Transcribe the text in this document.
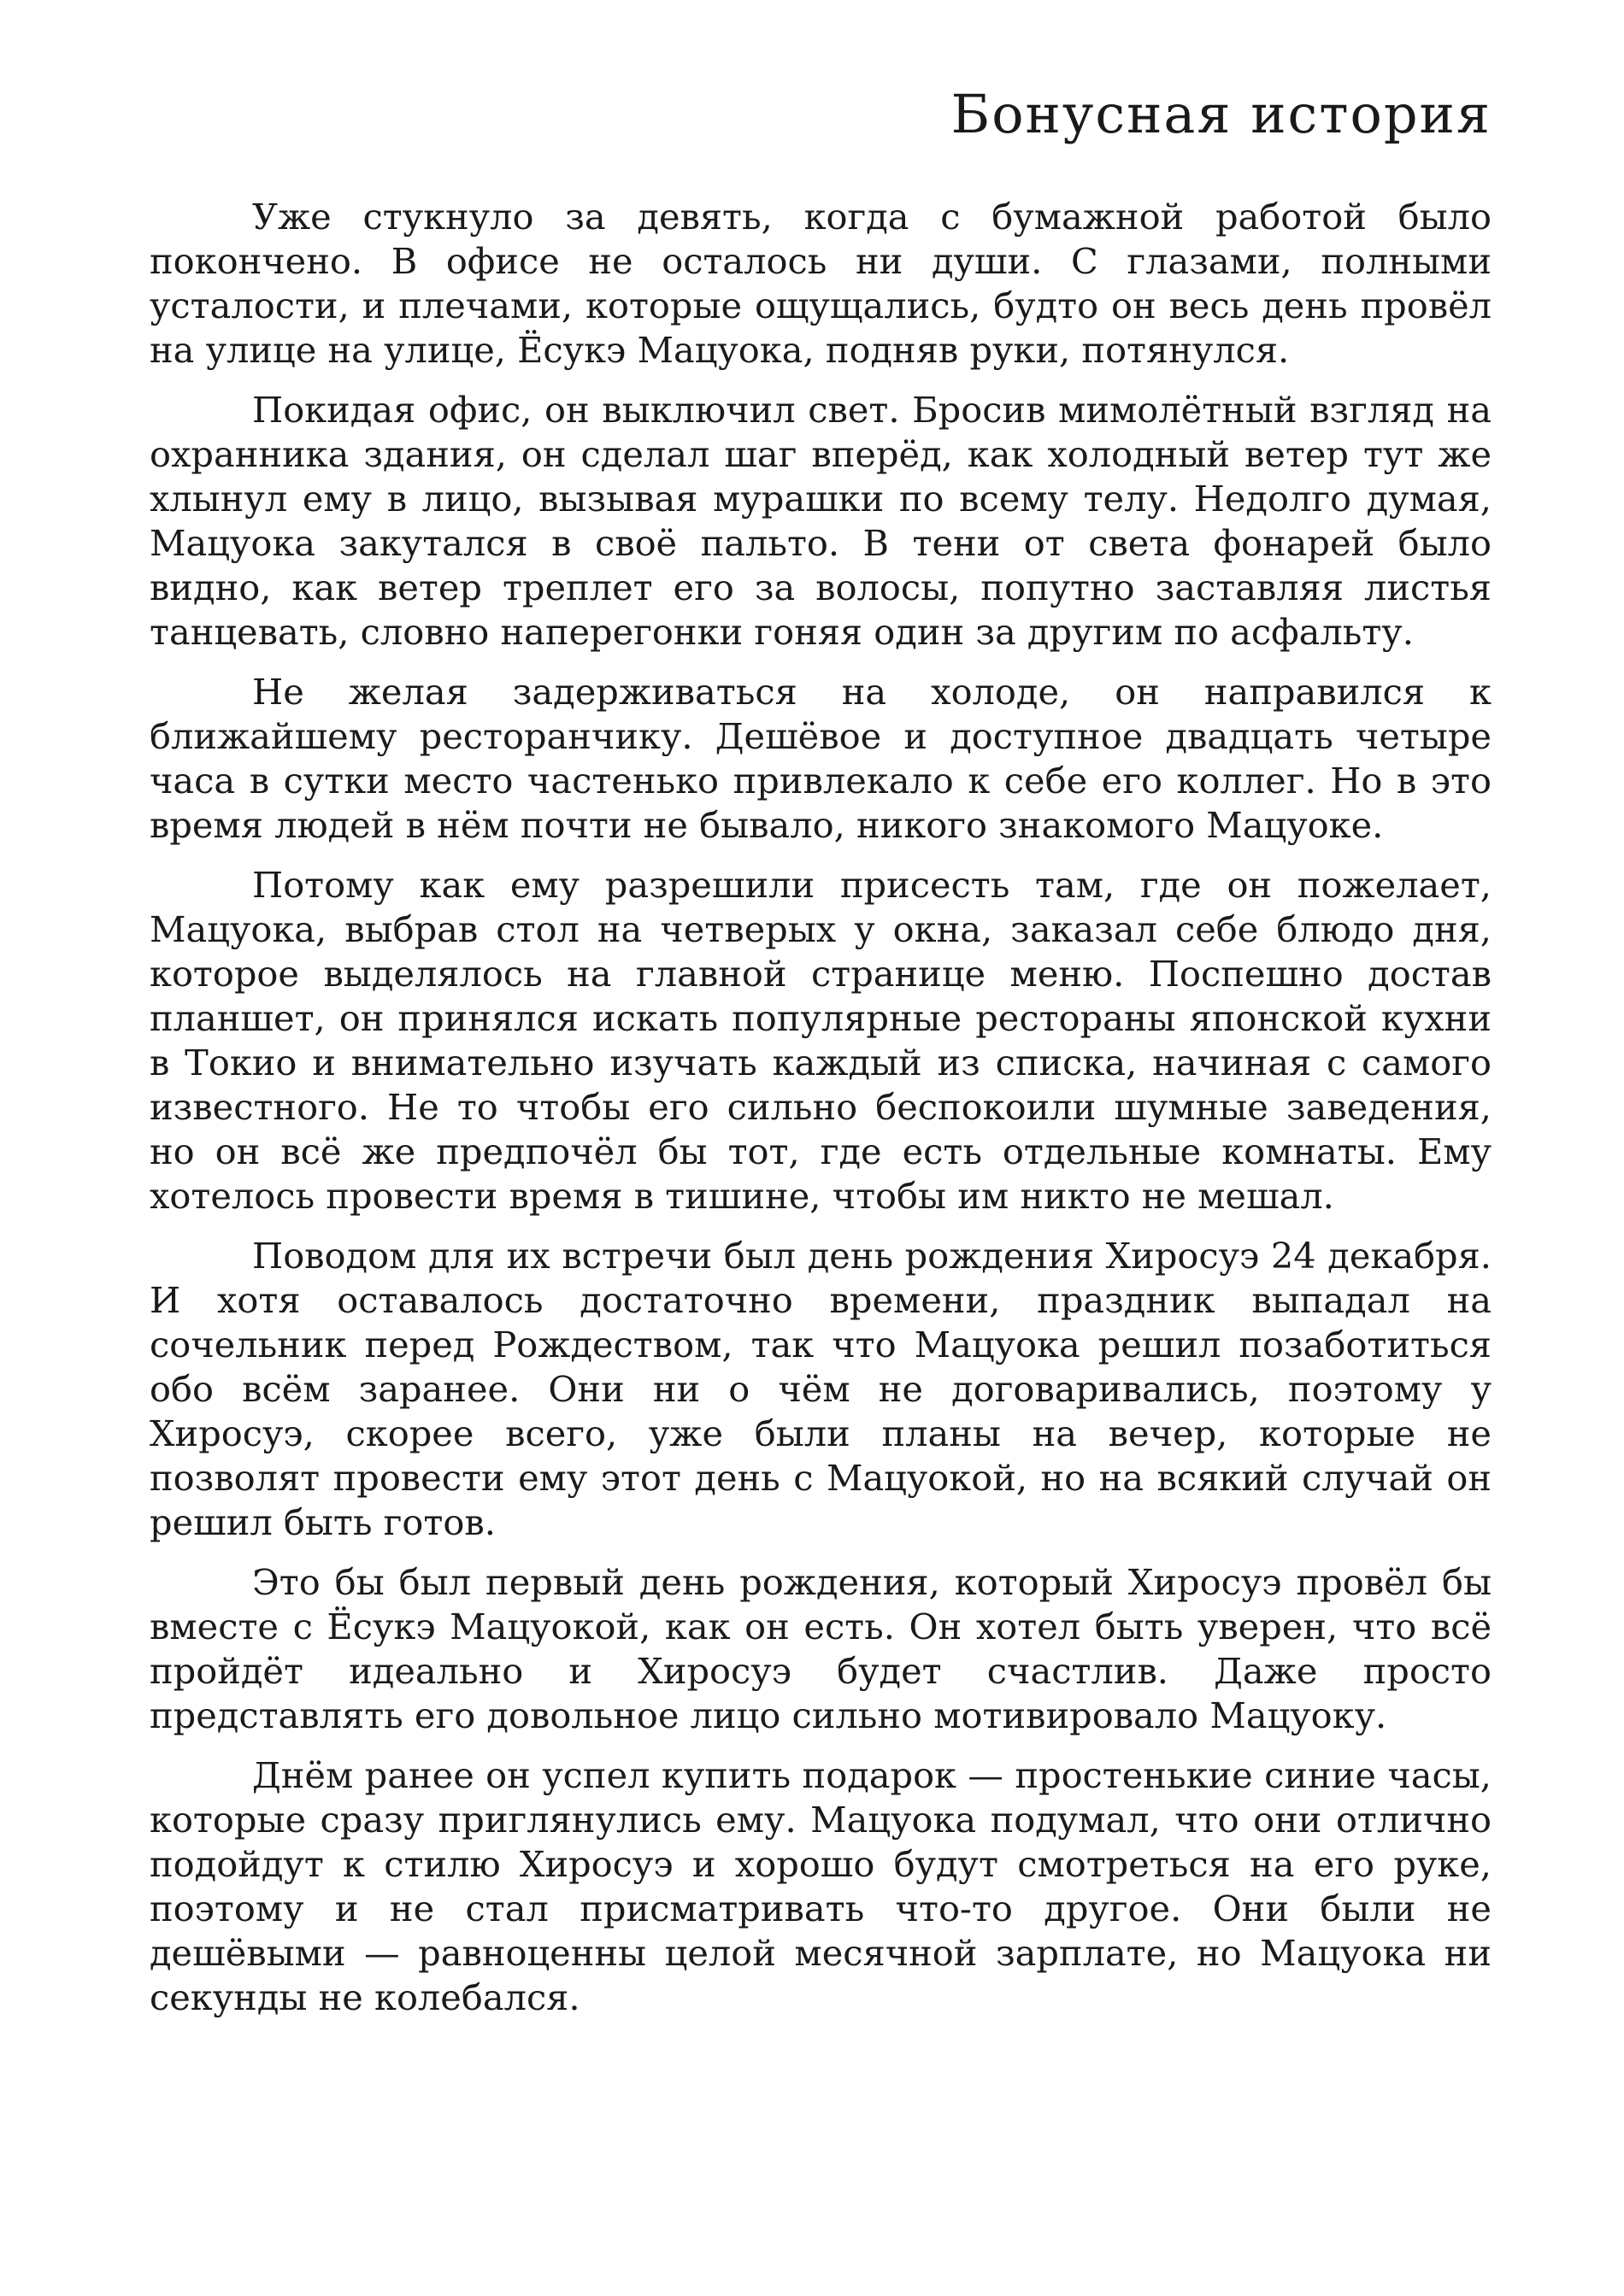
Бонусная история

Уже стукнуло за девять, когда с бумажной работой было покончено. В офисе не осталось ни души. С глазами, полными усталости, и плечами, которые ощущались, будто он весь день провёл на улице на улице, Ёсукэ Мацуока, подняв руки, потянулся.

Покидая офис, он выключил свет. Бросив мимолётный взгляд на охранника здания, он сделал шаг вперёд, как холодный ветер тут же хлынул ему в лицо, вызывая мурашки по всему телу. Недолго думая, Мацуока закутался в своё пальто. В тени от света фонарей было видно, как ветер треплет его за волосы, попутно заставляя листья танцевать, словно наперегонки гоняя один за другим по асфальту.

Не желая задерживаться на холоде, он направился к ближайшему ресторанчику. Дешёвое и доступное двадцать четыре часа в сутки место частенько привлекало к себе его коллег. Но в это время людей в нём почти не бывало, никого знакомого Мацуоке.

Потому как ему разрешили присесть там, где он пожелает, Мацуока, выбрав стол на четверых у окна, заказал себе блюдо дня, которое выделялось на главной странице меню. Поспешно достав планшет, он принялся искать популярные рестораны японской кухни в Токио и внимательно изучать каждый из списка, начиная с самого известного. Не то чтобы его сильно беспокоили шумные заведения, но он всё же предпочёл бы тот, где есть отдельные комнаты. Ему хотелось провести время в тишине, чтобы им никто не мешал.

Поводом для их встречи был день рождения Хиросуэ 24 декабря. И хотя оставалось достаточно времени, праздник выпадал на сочельник перед Рождеством, так что Мацуока решил позаботиться обо всём заранее. Они ни о чём не договаривались, поэтому у Хиросуэ, скорее всего, уже были планы на вечер, которые не позволят провести ему этот день с Мацуокой, но на всякий случай он решил быть готов.

Это бы был первый день рождения, который Хиросуэ провёл бы вместе с Ёсукэ Мацуокой, как он есть. Он хотел быть уверен, что всё пройдёт идеально и Хиросуэ будет счастлив. Даже просто представлять его довольное лицо сильно мотивировало Мацуоку.

Днём ранее он успел купить подарок — простенькие синие часы, которые сразу приглянулись ему. Мацуока подумал, что они отлично подойдут к стилю Хиросуэ и хорошо будут смотреться на его руке, поэтому и не стал присматривать что-то другое. Они были не дешёвыми — равноценны целой месячной зарплате, но Мацуока ни секунды не колебался.
